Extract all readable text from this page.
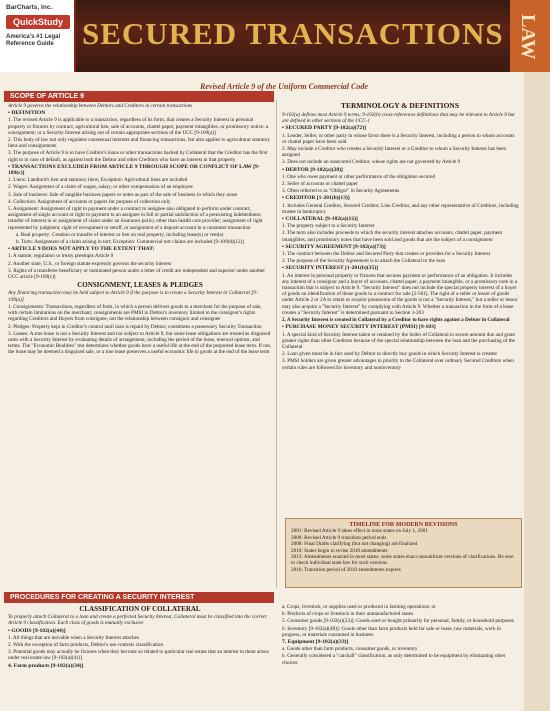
BarCharts, Inc.
QuickStudy
America's #1 Legal Reference Guide SECURED TRANSACTIONS LAW
Revised Article 9 of the Uniform Commercial Code
SCOPE OF ARTICLE 9
TERMINOLOGY & DEFINITIONS

Article 9 governs the relationship between Debtors and Creditors in certain transactions

• DEFINITION

1. The revised Article 9 is applicable to a transaction, regardless of its form, that creates a Security Interest in personal property or fixtures by contract, agricultural lien, sale of accounts, chattel paper, payment intangibles, or promissory notice; a consignment; or a Security Interest arising out of certain appropriate sections of the UCC [9-109(a)]

2. This body of law not only regulates consensual interests and financing transactions, but also applies to agricultural statutory liens and consignments

3. The purpose of Article 9 is to have Creditor's loans or other transactions backed by Collateral that the Creditor has the first right to in case of default, as against both the Debtor and other Creditors who have an interest in that property

• TRANSACTIONS EXCLUDED FROM ARTICLE 9 THROUGH SCOPE OR CONFLICT OF LAW [9-109(c)]

1. Liens: Landlord's lien and statutory liens; Exception: Agricultural liens are included

2. Wages: Assignment of a claim of wages, salary, or other compensation of an employee

3. Sale of business: Sale of tangible business papers or notes as part of the sale of business in which they arose

4. Collection: Assignment of accounts or papers for purpose of collection only

5. Assignment: Assignment of right to payment under a contract to assignee also obligated to perform under contract, assignment of single account or right to payment to an assignee in full or partial satisfaction of a preexisting indebtedness; transfer of interest in or assignment of claim under an insurance policy other than health care provider; assignment of right represented by judgment, right of recoupment or setoff, or assignment of a deposit account in a consumer transaction

a. Real property: Creation or transfer of interest or lien on real property, including lease(s) or rent(s)

b. Torts: Assignment of a claim arising in tort; Exception: Commercial tort claims are included [9-109(d)(12)]

• ARTICLE 9 DOES NOT APPLY TO THE EXTENT THAT:

1. A statute, regulation or treaty preempts Article 9

2. Another state, U.S., or foreign statute expressly governs the security interest

3. Rights of a transferee beneficiary or nominated person under a letter of credit are independent and superior under another UCC article [9-109(c)]

CONSIGNMENT, LEASES & PLEDGES

Any financing transaction may be held subject to Article 9 if the purpose is to create a Security Interest in Collateral [9-109(a)]

1. Consignments: Transactions, regardless of form, in which a person delivers goods to a merchant for the purpose of sale, with certain limitations on the merchant; consignments are PMSI in Debtor's inventory limited to the consignor's rights regarding Creditors and Buyers from consignee, not the relationship between consignor and consignee

2. Pledges: Property kept in Creditor's control until loan is repaid by Debtor; constitutes a possessory Security Transaction

3. Leases: A true lease is not a Security Interest and not subject to Article 9, but some lease obligations are treated as disguised sales with a Security Interest by evaluating details of arrangement, including the period of the lease, renewal options, and terms. The "Economic Realities" test determines whether goods have a useful life at the end of the purported lease term. If not, the lease may be deemed a disguised sale, or a true lease preserves a useful economic life in goods at the end of the lease term

9-102(a) defines most Article 9 terms; 9-102(b) cross-references definitions that may be relevant to Article 9 but are defined in other sections of the UCC-1

• SECURED PARTY [9-102(a)(72)]

1. Lender, Seller, or other party in whose favor there is a Security Interest, including a person to whom accounts or chattel paper have been sold

2. May include a Creditor who creates a Security Interest or a Creditor to whom a Security Interest has been assigned

3. Does not include an unsecured Creditor, whose rights are not governed by Article 9

• DEBTOR [9-102(a)(28)]

1. One who owes payment or other performance of the obligation secured

2. Seller of accounts or chattel paper

3. Often referred to as "Obligor" in Security Agreements

• CREDITOR [1-201(b)(13)]

1. Includes General Creditor, Secured Creditor, Lien Creditor, and any other representative of Creditors, including trustee in bankruptcy

• COLLATERAL [9-102(a)(12)]

1. The property subject to a Security Interest

2. The term also includes proceeds to which the security interest attaches accounts, chattel paper, payment intangibles, and promissory notes that have been sold and goods that are the subject of a consignment

• SECURITY AGREEMENT [9-102(a)(73)]

1. The contract between the Debtor and Secured Party that creates or provides for a Security Interest

2. The purpose of the Security Agreement is to attach the Collateral to the loan

• SECURITY INTEREST [1-201(b)(35)]

1. An interest in personal property or fixtures that secures payment or performance of an obligation. It includes any interest of a consignor and a buyer of accounts, chattel paper, a payment intangible, or a promissory note in a transaction that is subject to Article 9. "Security Interest" does not include the special property interest of a buyer of goods on identification of those goods to a contract for sale [2-501]. The right of a seller or lessor of goods under Article 2 or 2A to retain or acquire possession of the goods is not a "Security Interest," but a seller or lessor may also acquire a "Security Interest" by complying with Article 9. Whether a transaction in the form of a lease creates a "Security Interest" is determined pursuant to Section 1-203

2. A Security Interest is created in Collateral by a Creditor to have rights against a Debtor in Collateral

• PURCHASE MONEY SECURITY INTEREST (PMSI) [9-103]

1. A special kind of Security Interest taken or retained by the Seller of Collateral to secure amount due and grant greater rights than other Creditors because of the special relationship between the loan and the purchasing of the Collateral

2. Loan given must be in fact used by Debtor to directly buy goods in which Security Interest is created

3. PMSI holders are given greater advantages in priority to the Collateral over ordinary Secured Creditors when certain rules are followed for inventory and noninventory

TIMELINE FOR MODERN REVISIONS
2001: Revised Article 9 takes effect in most states on July 1, 2001
2006: Revised Article 9 transition period ends
2008: Final Drafts clarifying (but not changing) are finalized
2010: States begin to revise 2010 amendments
2013: Amendments enacted in most states; some states enact nonuniform versions of clarifications. Be sure to check individual state law for such versions
2016: Transition period of 2010 amendments expires
PROCEDURES FOR CREATING A SECURITY INTEREST
CLASSIFICATION OF COLLATERAL

To properly attach Collateral to a loan and create a perfected Security Interest, Collateral must be classified into the correct Article 9 classification. Each class of goods is mutually exclusive

• GOODS [9-102(a)(44)]

1. All things that are movable when a Security Interest attaches

2. With the exception of farm products, Debtor's use controls classification

3. Potential goods may actually be fixtures when they become so related to particular real estate that an interest in them arises under real estate law [9-102(a)(41)]

4. Farm products [9-102(a)(34)]

a. Crops, livestock, or supplies used or produced in farming operations; or

b. Products of crops or livestock in their unmanufactured states

5. Consumer goods [9-102(a)(23)]: Goods used or bought primarily for personal, family, or household purposes

6. Inventory [9-102(a)(48)]: Goods other than farm products held for sale or lease, raw materials, work in progress, or materials consumed in business

7. Equipment [9-102(a)(33)]

a. Goods other than farm products, consumer goods, or inventory

b. Generally considered a "catchall" classification, as only determined to be equipment by eliminating other choices
